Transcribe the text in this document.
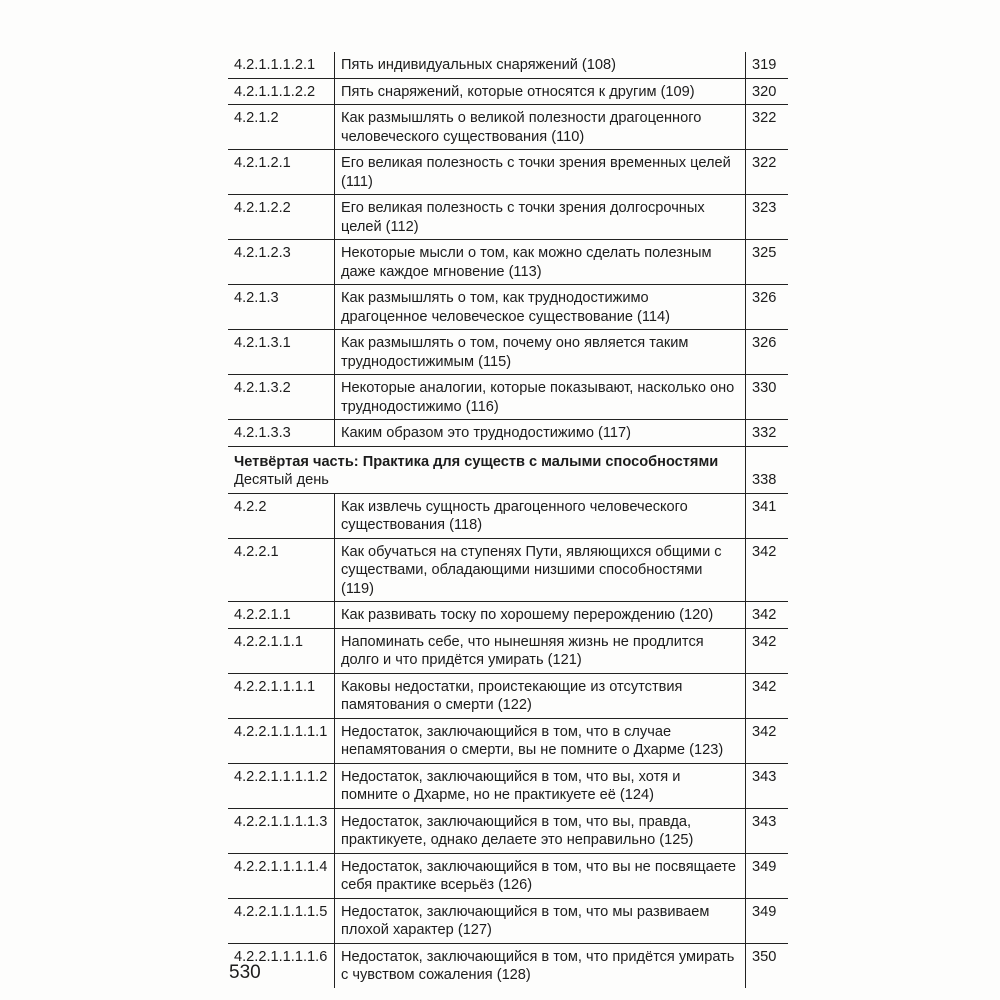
4.2.1.1.1.2.1	Пять индивидуальных снаряжений (108)	319
4.2.1.1.1.2.2	Пять снаряжений, которые относятся к другим (109)	320
4.2.1.2	Как размышлять о великой полезности драгоценного человеческого существования (110)	322
4.2.1.2.1	Его великая полезность с точки зрения временных целей (111)	322
4.2.1.2.2	Его великая полезность с точки зрения долгосрочных целей (112)	323
4.2.1.2.3	Некоторые мысли о том, как можно сделать полезным даже каждое мгновение (113)	325
4.2.1.3	Как размышлять о том, как труднодостижимо драгоценное человеческое существование (114)	326
4.2.1.3.1	Как размышлять о том, почему оно является таким труднодостижимым (115)	326
4.2.1.3.2	Некоторые аналогии, которые показывают, насколько оно труднодостижимо (116)	330
4.2.1.3.3	Каким образом это труднодостижимо (117)	332

Четвёртая часть: Практика для существ с малыми способностями
Десятый день		338
4.2.2	Как извлечь сущность драгоценного человеческого существования (118)	341
4.2.2.1	Как обучаться на ступенях Пути, являющихся общими с существами, обладающими низшими способностями (119)	342
4.2.2.1.1	Как развивать тоску по хорошему перерождению (120)	342
4.2.2.1.1.1	Напоминать себе, что нынешняя жизнь не продлится долго и что придётся умирать (121)	342
4.2.2.1.1.1.1	Каковы недостатки, проистекающие из отсутствия памятования о смерти (122)	342
4.2.2.1.1.1.1.1	Недостаток, заключающийся в том, что в случае непамятования о смерти, вы не помните о Дхарме (123)	342
4.2.2.1.1.1.1.2	Недостаток, заключающийся в том, что вы, хотя и помните о Дхарме, но не практикуете её (124)	343
4.2.2.1.1.1.1.3	Недостаток, заключающийся в том, что вы, правда, практикуете, однако делаете это неправильно (125)	343
4.2.2.1.1.1.1.4	Недостаток, заключающийся в том, что вы не посвящаете себя практике всерьёз (126)	349
4.2.2.1.1.1.1.5	Недостаток, заключающийся в том, что мы развиваем плохой характер (127)	349
4.2.2.1.1.1.1.6	Недостаток, заключающийся в том, что придётся умирать с чувством сожаления (128)	350
530
